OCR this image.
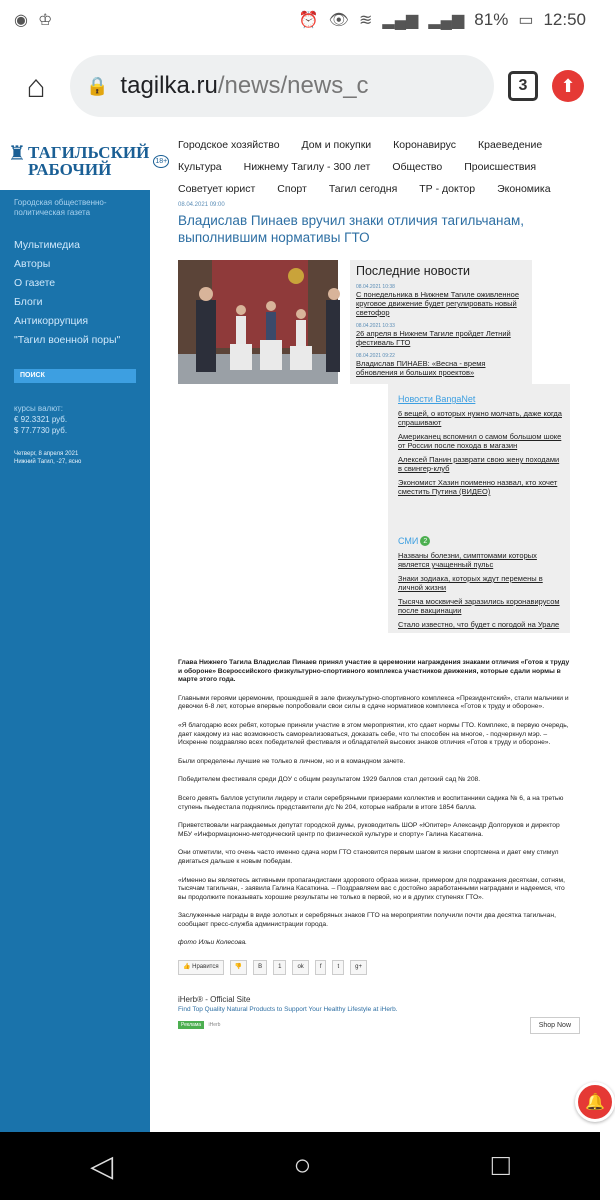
◉ ♔	⏰ 👁 ≋ ▂▄▆ ▂▄▆ 81% ▭ 12:50
⌂	🔒 tagilka.ru/news/news_c	3	⬆
♜ ТАГИЛЬСКИЙ
РАБОЧИЙ	18+
Городская общественно-политическая газета
Мультимедиа
Авторы
О газете
Блоги
Антикоррупция
"Тагил военной поры"
ПОИСК
курсы валют:
€ 92.3321 руб.
$ 77.7730 руб.
Четверг, 8 апреля 2021
Нижний Тагил, -27, ясно
Городское хозяйство Дом и покупки Коронавирус Краеведение
Культура Нижнему Тагилу - 300 лет Общество Происшествия
Советует юрист Спорт Тагил сегодня ТР - доктор Экономика
08.04.2021 09:00
Владислав Пинаев вручил знаки отличия тагильчанам, выполнившим нормативы ГТО
Последние новости
08.04.2021 10:38
С понедельника в Нижнем Тагиле оживленное круговое движение будет регулировать новый светофор
08.04.2021 10:33
26 апреля в Нижнем Тагиле пройдет Летний фестиваль ГТО
08.04.2021 09:22
Владислав ПИНАЕВ: «Весна - время обновления и больших проектов»
Новости BangaNet
6 вещей, о которых нужно молчать, даже когда спрашивают
Американец вспомнил о самом большом шоке от России после похода в магазин
Алексей Панин разврати свою жену походами в свингер-клуб
Экономист Хазин поименно назвал, кто хочет сместить Путина (ВИДЕО)
СМИ 2
Названы болезни, симптомами которых является учащенный пульс
Знаки зодиака, которых ждут перемены в личной жизни
Тысяча москвичей заразились коронавирусом после вакцинации
Стало известно, что будет с погодой на Урале

Глава Нижнего Тагила Владислав Пинаев принял участие в церемонии награждения знаками отличия «Готов к труду и обороне» Всероссийского физкультурно-спортивного комплекса участников движения, которые сдали нормы в марте этого года.

Главными героями церемонии, прошедшей в зале физкультурно-спортивного комплекса «Президентский», стали мальчики и девочки 6-8 лет, которые впервые попробовали свои силы в сдаче нормативов комплекса «Готов к труду и обороне».

«Я благодарю всех ребят, которые приняли участие в этом мероприятии, кто сдает нормы ГТО. Комплекс, в первую очередь, дает каждому из нас возможность самореализоваться, доказать себе, что ты способен на многое, - подчеркнул мэр. – Искренне поздравляю всех победителей фестиваля и обладателей высоких знаков отличия «Готов к труду и обороне».

Были определены лучшие не только в личном, но и в командном зачете.

Победителем фестиваля среди ДОУ с общим результатом 1929 баллов стал детский сад № 208.

Всего девять баллов уступили лидеру и стали серебряными призерами коллектив и воспитанники садика № 6, а на третью ступень пьедестала поднялись представители д/с № 204, которые набрали в итоге 1854 балла.

Приветствовали награждаемых депутат городской думы, руководитель ШОР «Юпитер» Александр Долгоруков и директор МБУ «Информационно-методический центр по физической культуре и спорту» Галина Касаткина.

Они отметили, что очень часто именно сдача норм ГТО становится первым шагом в жизни спортсмена и дает ему стимул двигаться дальше к новым победам.

«Именно вы являетесь активными пропагандистами здорового образа жизни, примером для подражания десяткам, сотням, тысячам тагильчан, - заявила Галина Касаткина. – Поздравляем вас с достойно заработанными наградами и надеемся, что вы продолжите показывать хорошие результаты не только в первой, но и в других ступенях ГТО».

Заслуженные награды в виде золотых и серебряных знаков ГТО на мероприятии получили почти два десятка тагильчан, сообщает пресс-служба администрации города.

фото Ильи Колесова.
👍 Нравится	👎	В	1	ok	f	t	g+
iHerb® - Official Site
Find Top Quality Natural Products to Support Your Healthy Lifestyle at iHerb.
Реклама iHerb	Shop Now
🔔
◁	○	□
